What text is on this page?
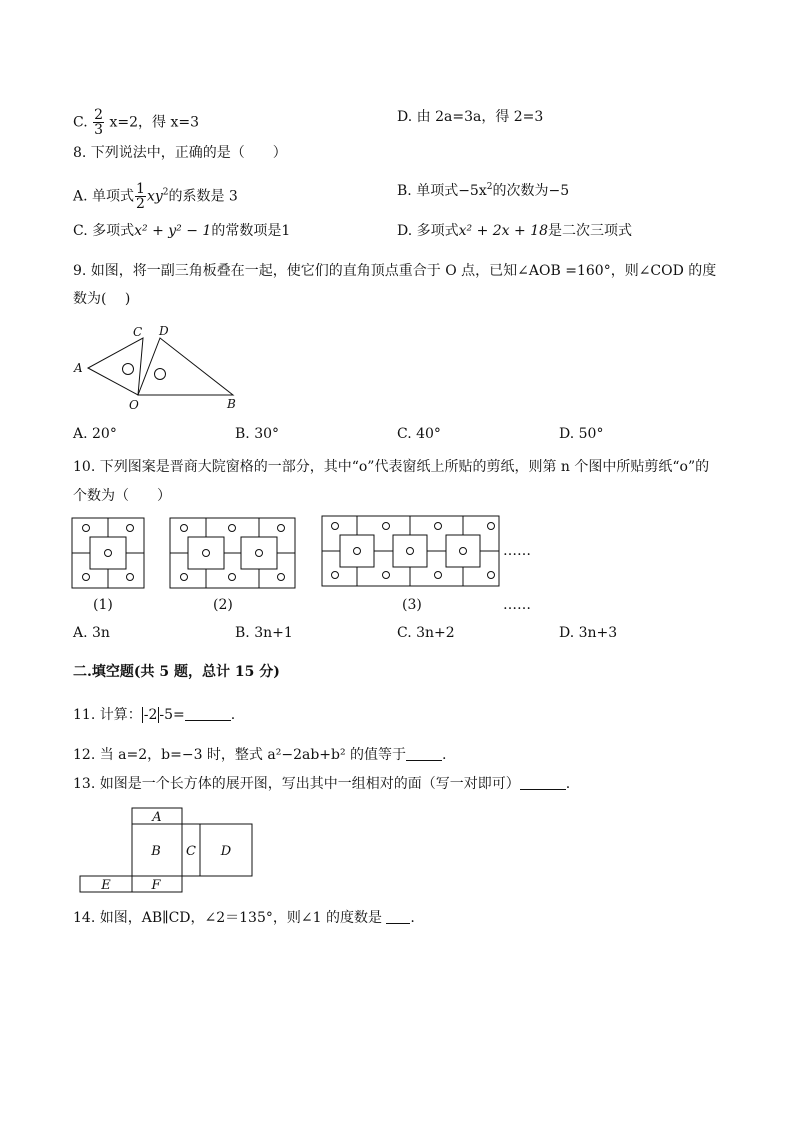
C. $\frac{2}{3} x=2$，得 x=3	D. 由 2a=3a，得 2=3
8. 下列说法中，正确的是（　　）
A. 单项式 $\frac{1}{2} xy^2$的系数是 3	B. 单项式$-5x^2$的次数为−5
C. 多项式x² + y² − 1的常数项是1	D. 多项式x² + 2x + 18是二次三项式
9. 如图，将一副三角板叠在一起，使它们的直角顶点重合于 O 点，已知∠AOB =160°，则∠COD 的度
数为(　 )
A
B
C D
O
A. 20°	B. 30°	C. 40°	D. 50°
10. 下列图案是晋商大院窗格的一部分，其中“o”代表窗纸上所贴的剪纸，则第 n 个图中所贴剪纸“o”的
个数为（　　）
……
(1)	(2)	(3)	……
A. 3n	B. 3n+1	C. 3n+2	D. 3n+3
二.填空题(共 5 题，总计 15 分)
11. 计算： -2 -5=	.
12. 当 a=2，b=−3 时，整式 a²−2ab+b² 的值等于	.
13. 如图是一个长方体的展开图，写出其中一组相对的面（写一对即可）	.
A
B C D
E	F
14. 如图，AB∥CD，∠2＝135°，则∠1 的度数是 .
